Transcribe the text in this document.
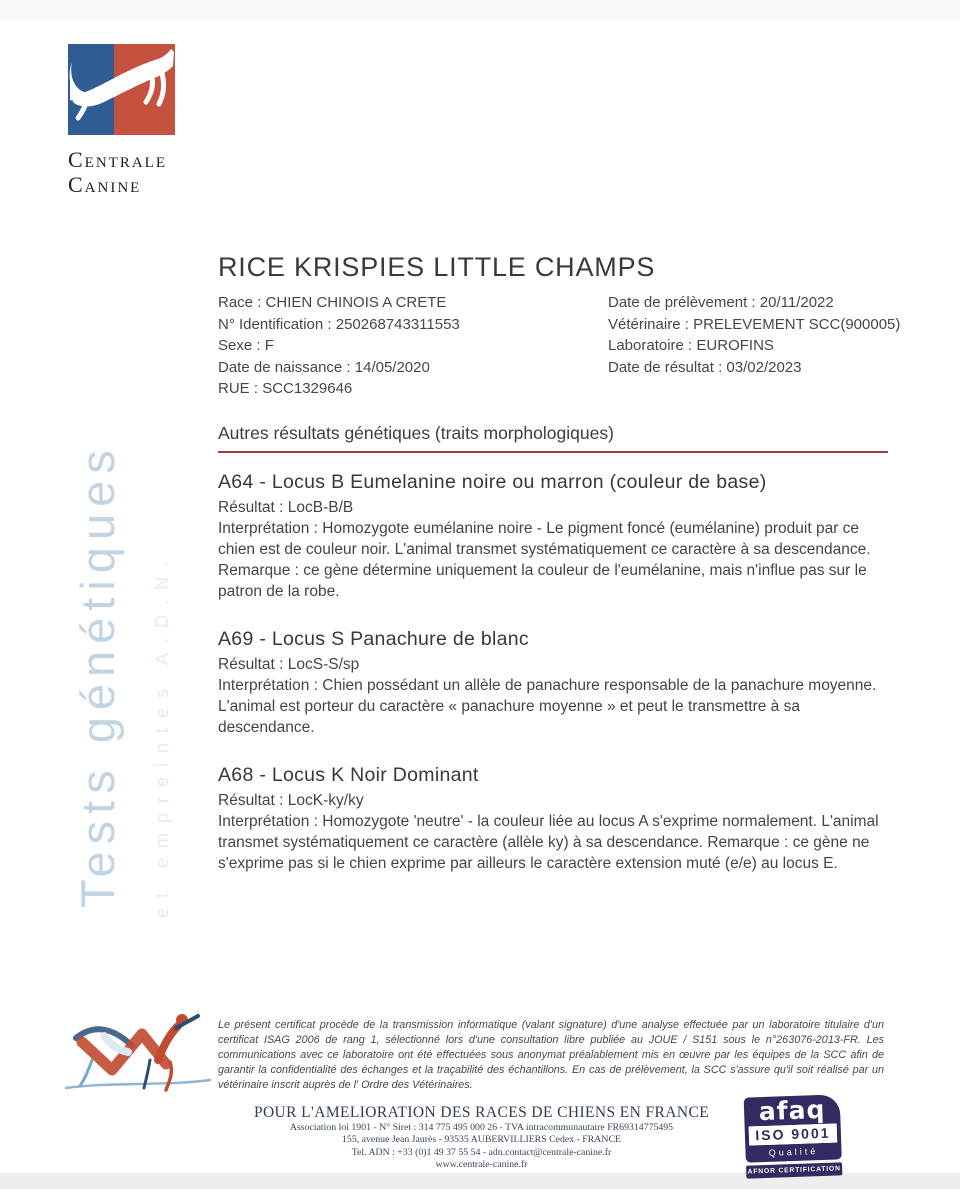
Centrale
Canine
Tests génétiques et empreintes A.D.N.
RICE KRISPIES LITTLE CHAMPS
Race : CHIEN CHINOIS A CRETE
N° Identification : 250268743311553
Sexe : F
Date de naissance : 14/05/2020
RUE : SCC1329646
Date de prélèvement : 20/11/2022
Vétérinaire : PRELEVEMENT SCC(900005)
Laboratoire : EUROFINS
Date de résultat : 03/02/2023
Autres résultats génétiques (traits morphologiques)
A64 - Locus B Eumelanine noire ou marron (couleur de base)
Résultat : LocB-B/B
Interprétation : Homozygote eumélanine noire - Le pigment foncé (eumélanine) produit par ce chien est de couleur noir. L'animal transmet systématiquement ce caractère à sa descendance. Remarque : ce gène détermine uniquement la couleur de l'eumélanine, mais n'influe pas sur le patron de la robe.
A69 - Locus S Panachure de blanc
Résultat : LocS-S/sp
Interprétation : Chien possédant un allèle de panachure responsable de la panachure moyenne. L'animal est porteur du caractère « panachure moyenne » et peut le transmettre à sa descendance.
A68 - Locus K Noir Dominant
Résultat : LocK-ky/ky
Interprétation : Homozygote 'neutre' - la couleur liée au locus A s'exprime normalement. L'animal transmet systématiquement ce caractère (allèle ky) à sa descendance. Remarque : ce gène ne s'exprime pas si le chien exprime par ailleurs le caractère extension muté (e/e) au locus E.
Le présent certificat procède de la transmission informatique (valant signature) d'une analyse effectuée par un laboratoire titulaire d'un certificat ISAG 2006 de rang 1, sélectionné lors d'une consultation libre publiée au JOUE / S151 sous le n°263076-2013-FR. Les communications avec ce laboratoire ont été effectuées sous anonymat préalablement mis en œuvre par les équipes de la SCC afin de garantir la confidentialité des échanges et la traçabilité des échantillons. En cas de prélèvement, la SCC s'assure qu'il soit réalisé par un vétérinaire inscrit auprès de l' Ordre des Vétérinaires.
POUR L'AMELIORATION DES RACES DE CHIENS EN FRANCE
Association loi 1901 - N° Siret : 314 775 495 000 26 - TVA intracommunautaire FR69314775495
155, avenue Jean Jaurès - 93535 AUBERVILLIERS Cedex - FRANCE
Tel. ADN : +33 (0)1 49 37 55 54 - adn.contact@centrale-canine.fr
www.centrale-canine.fr
afaq
ISO 9001
Qualité
AFNOR CERTIFICATION
